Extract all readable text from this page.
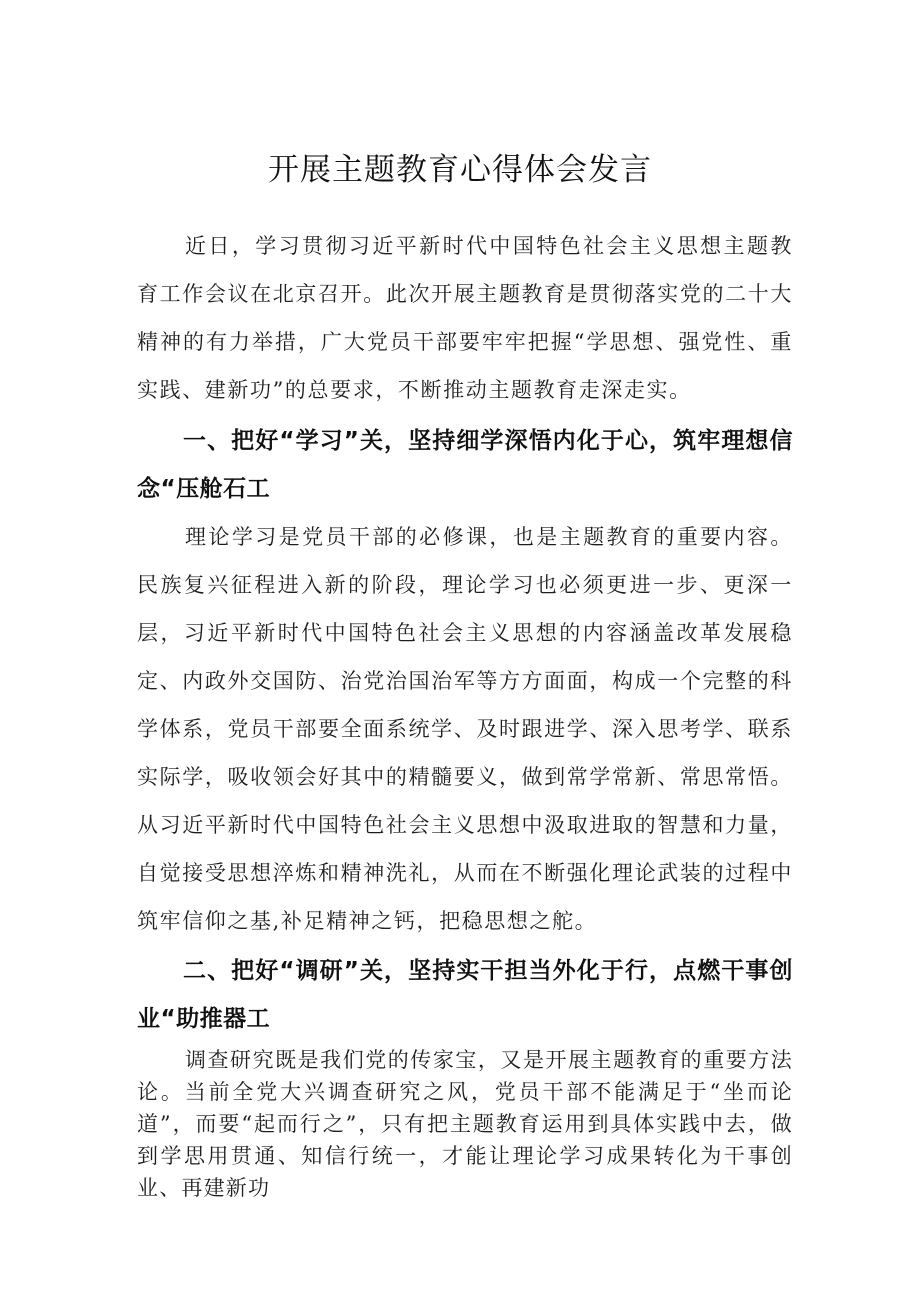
开展主题教育心得体会发言

近日，学习贯彻习近平新时代中国特色社会主义思想主题教育工作会议在北京召开。此次开展主题教育是贯彻落实党的二十大精神的有力举措，广大党员干部要牢牢把握“学思想、强党性、重实践、建新功”的总要求，不断推动主题教育走深走实。

一、把好“学习”关，坚持细学深悟内化于心，筑牢理想信念“压舱石工

理论学习是党员干部的必修课，也是主题教育的重要内容。民族复兴征程进入新的阶段，理论学习也必须更进一步、更深一层，习近平新时代中国特色社会主义思想的内容涵盖改革发展稳定、内政外交国防、治党治国治军等方方面面，构成一个完整的科学体系，党员干部要全面系统学、及时跟进学、深入思考学、联系实际学，吸收领会好其中的精髓要义，做到常学常新、常思常悟。从习近平新时代中国特色社会主义思想中汲取进取的智慧和力量，自觉接受思想淬炼和精神洗礼，从而在不断强化理论武装的过程中筑牢信仰之基,补足精神之钙，把稳思想之舵。

二、把好“调研”关，坚持实干担当外化于行，点燃干事创业“助推器工

调查研究既是我们党的传家宝，又是开展主题教育的重要方法论。当前全党大兴调查研究之风，党员干部不能满足于“坐而论道”，而要“起而行之”，只有把主题教育运用到具体实践中去，做到学思用贯通、知信行统一，才能让理论学习成果转化为干事创业、再建新功
